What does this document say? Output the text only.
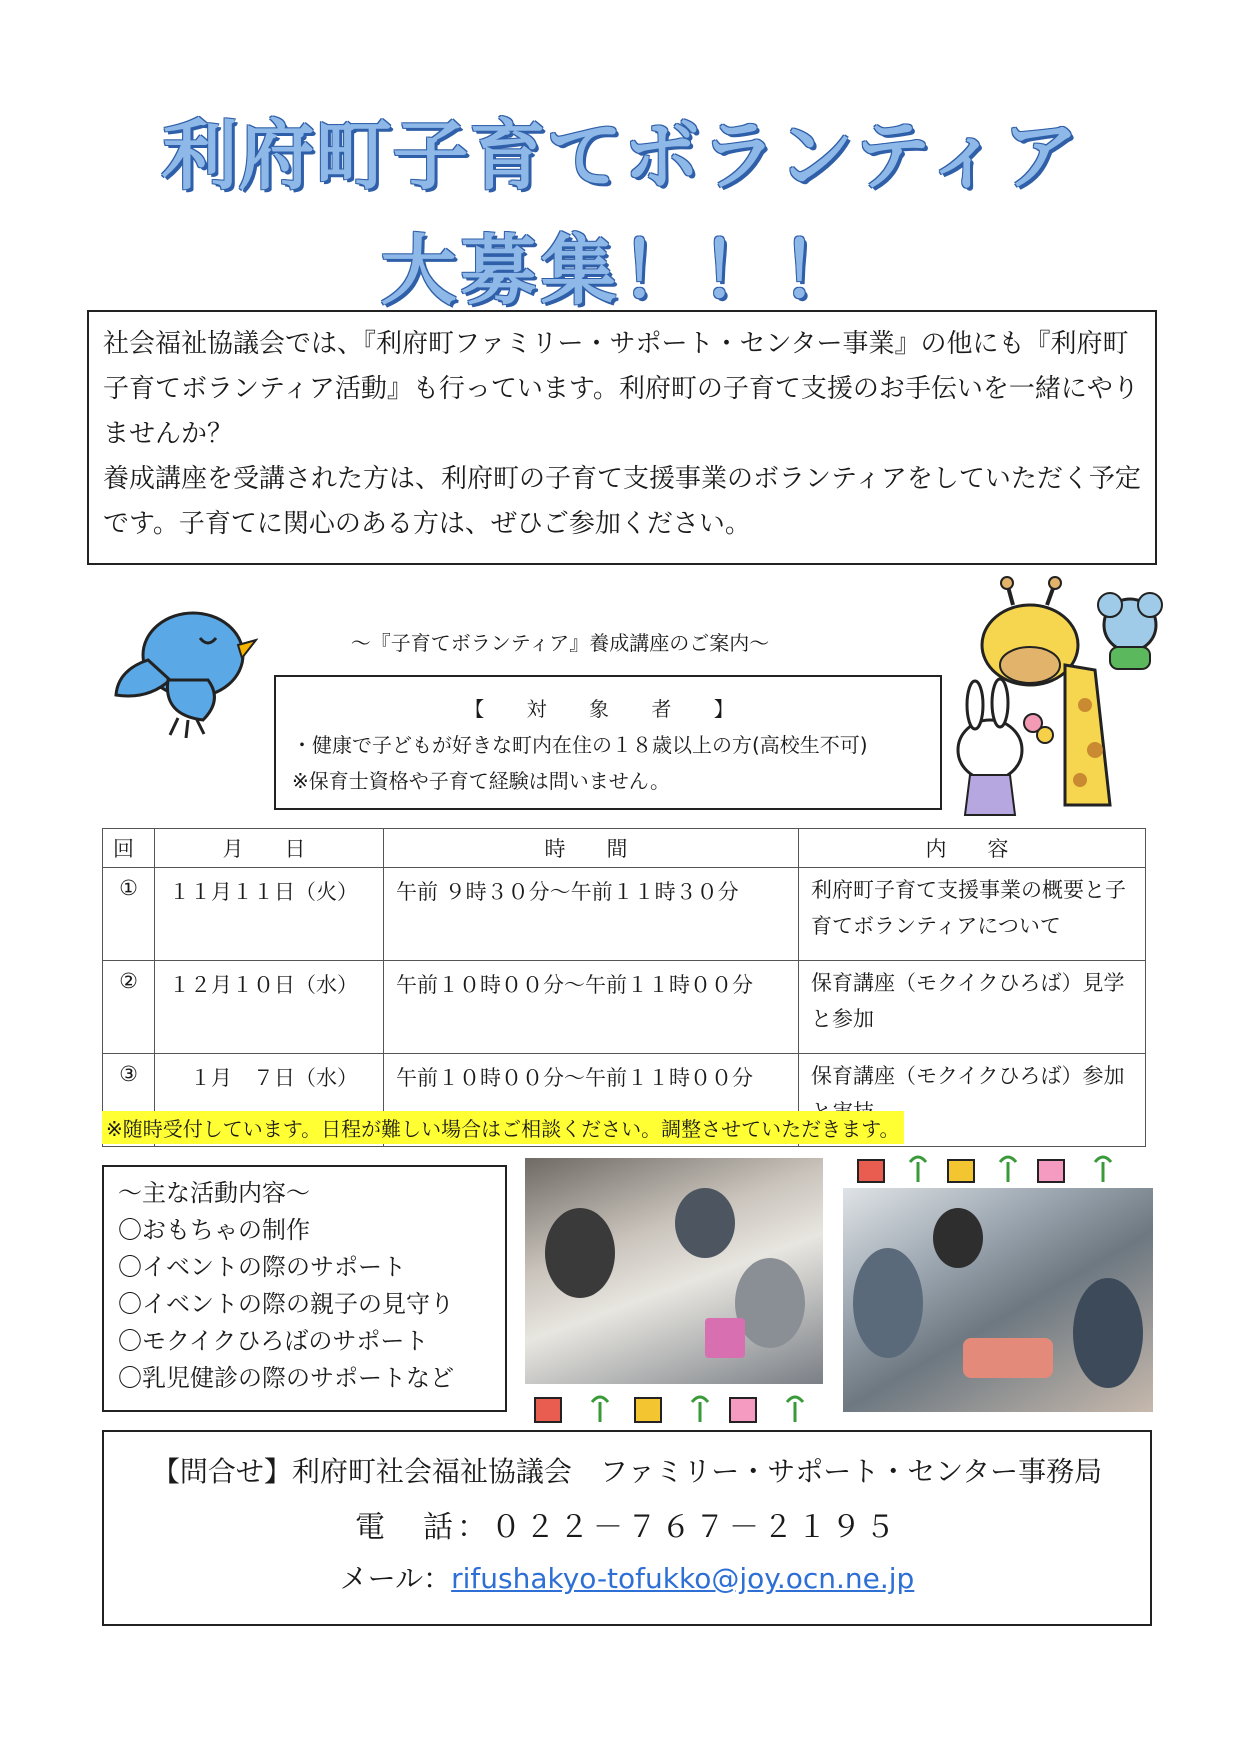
利府町子育てボランティア
大募集！！！

社会福祉協議会では、『利府町ファミリー・サポート・センター事業』の他にも『利府町子育てボランティア活動』も行っています。利府町の子育て支援のお手伝いを一緒にやりませんか？

養成講座を受講された方は、利府町の子育て支援事業のボランティアをしていただく予定です。子育てに関心のある方は、ぜひご参加ください。

～『子育てボランティア』養成講座のご案内～
【 対 象 者 】
・健康で子どもが好きな町内在住の１８歳以上の方(高校生不可)
※保育士資格や子育て経験は問いません。
回	月　日	時　間	内　容
①	１１月１１日（火）	午前 ９時３０分～午前１１時３０分	利府町子育て支援事業の概要と子育てボランティアについて
②	１２月１０日（水）	午前１０時００分～午前１１時００分	保育講座（モクイクひろば）見学と参加
③	　１月　７日（水）	午前１０時００分～午前１１時００分	保育講座（モクイクひろば）参加
※随時受付しています。日程が難しい場合はご相談ください。調整させていただきます。
～主な活動内容～
〇おもちゃの制作
〇イベントの際のサポート
〇イベントの際の親子の見守り
〇モクイクひろばのサポート
〇乳児健診の際のサポートなど
【問合せ】利府町社会福祉協議会　ファミリー・サポート・センター事務局
電　話：０２２－７６７－２１９５
メール：rifushakyo-tofukko@joy.ocn.ne.jp
